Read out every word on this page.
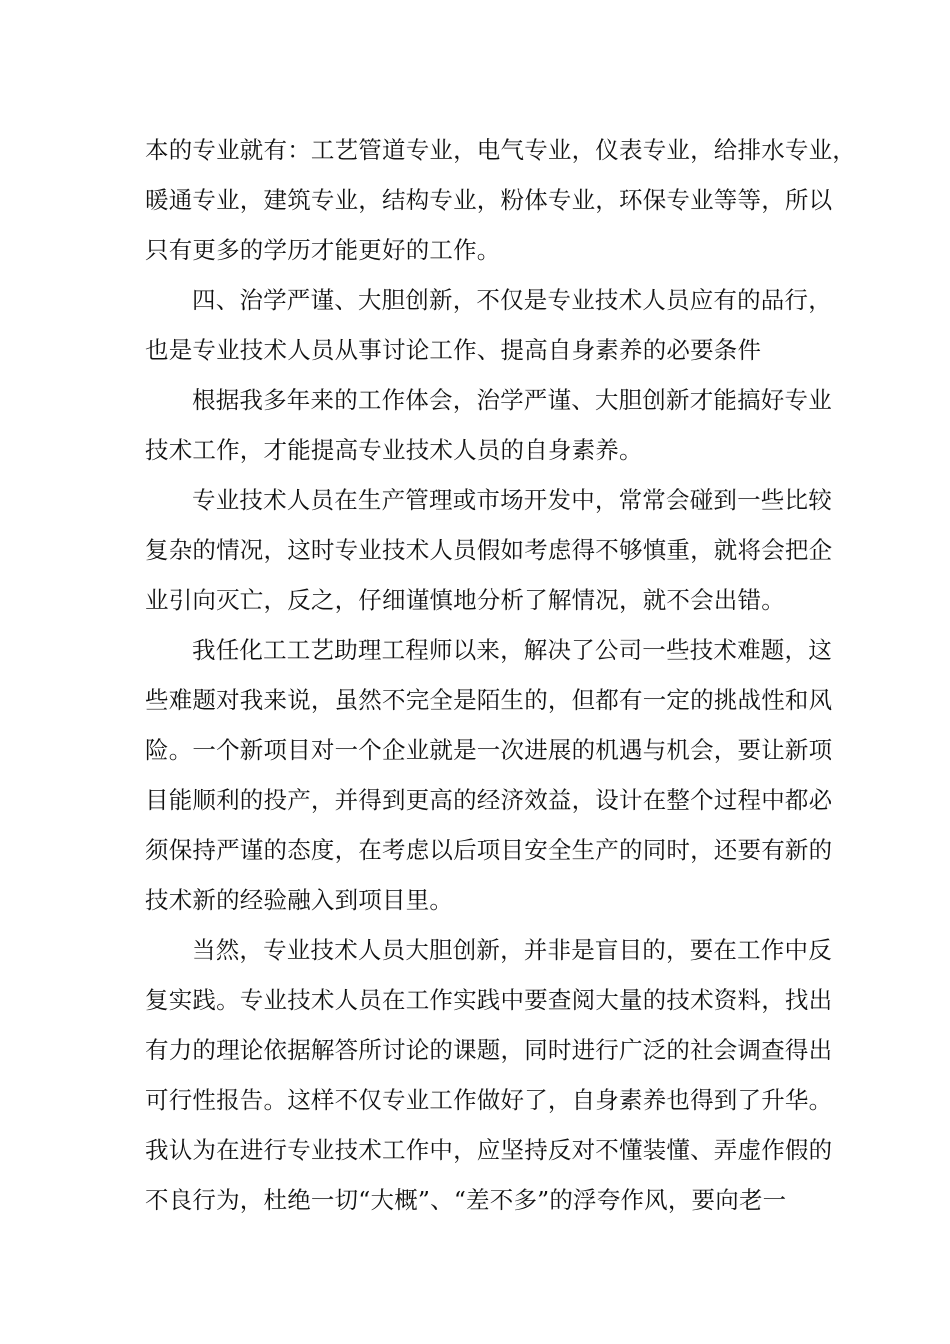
本的专业就有：工艺管道专业，电气专业，仪表专业，给排水专业，
暖通专业，建筑专业，结构专业，粉体专业，环保专业等等，所以
只有更多的学历才能更好的工作。
四、治学严谨、大胆创新，不仅是专业技术人员应有的品行，
也是专业技术人员从事讨论工作、提高自身素养的必要条件
根据我多年来的工作体会，治学严谨、大胆创新才能搞好专业
技术工作，才能提高专业技术人员的自身素养。
专业技术人员在生产管理或市场开发中，常常会碰到一些比较
复杂的情况，这时专业技术人员假如考虑得不够慎重，就将会把企
业引向灭亡，反之，仔细谨慎地分析了解情况，就不会出错。
我任化工工艺助理工程师以来，解决了公司一些技术难题，这
些难题对我来说，虽然不完全是陌生的，但都有一定的挑战性和风
险。一个新项目对一个企业就是一次进展的机遇与机会，要让新项
目能顺利的投产，并得到更高的经济效益，设计在整个过程中都必
须保持严谨的态度，在考虑以后项目安全生产的同时，还要有新的
技术新的经验融入到项目里。
当然，专业技术人员大胆创新，并非是盲目的，要在工作中反
复实践。专业技术人员在工作实践中要查阅大量的技术资料，找出
有力的理论依据解答所讨论的课题，同时进行广泛的社会调查得出
可行性报告。这样不仅专业工作做好了，自身素养也得到了升华。
我认为在进行专业技术工作中，应坚持反对不懂装懂、弄虚作假的
不良行为，杜绝一切“大概”、“差不多”的浮夸作风，要向老一
